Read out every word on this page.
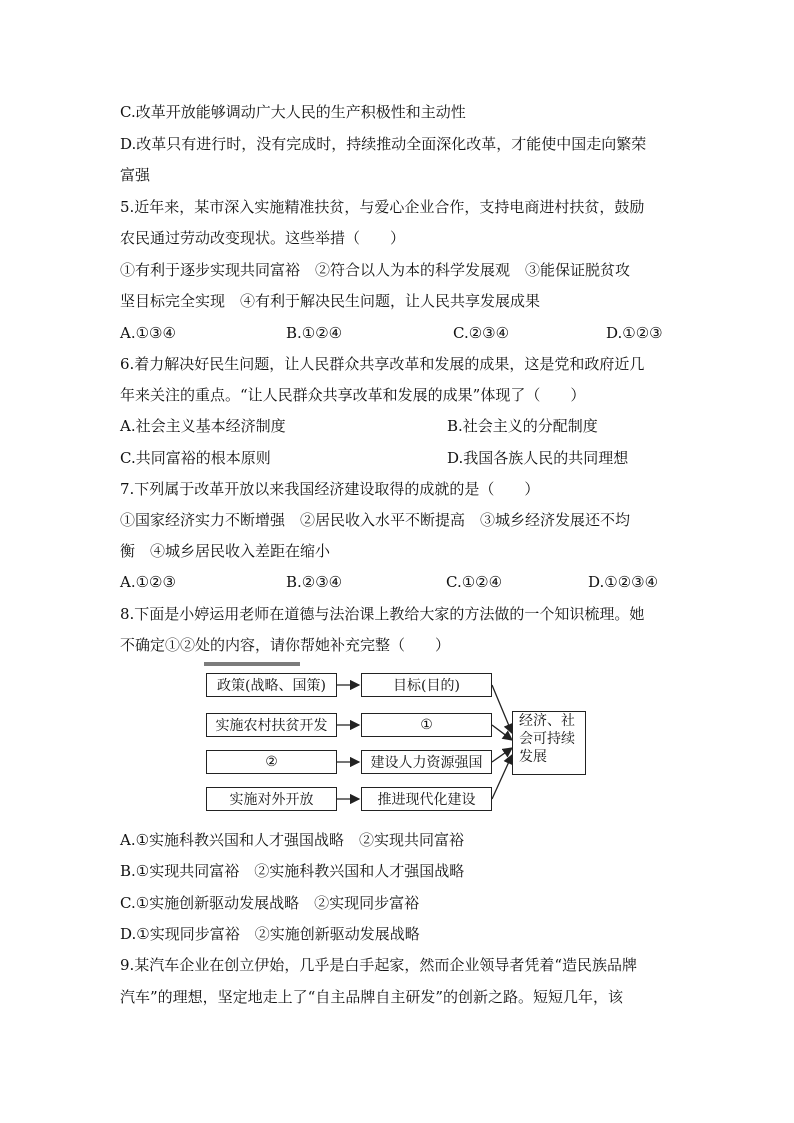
C.改革开放能够调动广大人民的生产积极性和主动性
D.改革只有进行时，没有完成时，持续推动全面深化改革，才能使中国走向繁荣
富强
5.近年来，某市深入实施精准扶贫，与爱心企业合作，支持电商进村扶贫，鼓励
农民通过劳动改变现状。这些举措（　　）
①有利于逐步实现共同富裕　②符合以人为本的科学发展观　③能保证脱贫攻
坚目标完全实现　④有利于解决民生问题，让人民共享发展成果
A.①③④	B.①②④	C.②③④	D.①②③
6.着力解决好民生问题，让人民群众共享改革和发展的成果，这是党和政府近几
年来关注的重点。“让人民群众共享改革和发展的成果”体现了（　　）
A.社会主义基本经济制度	B.社会主义的分配制度
C.共同富裕的根本原则	D.我国各族人民的共同理想
7.下列属于改革开放以来我国经济建设取得的成就的是（　　）
①国家经济实力不断增强　②居民收入水平不断提高　③城乡经济发展还不均
衡　④城乡居民收入差距在缩小
A.①②③	B.②③④	C.①②④	D.①②③④
8.下面是小婷运用老师在道德与法治课上教给大家的方法做的一个知识梳理。她
不确定①②处的内容，请你帮她补充完整（　　）
政策(战略、国策)
实施农村扶贫开发
②
实施对外开放
目标(目的)
①
建设人力资源强国
推进现代化建设
经济、社
会可持续
发展
A.①实施科教兴国和人才强国战略　②实现共同富裕
B.①实现共同富裕　②实施科教兴国和人才强国战略
C.①实施创新驱动发展战略　②实现同步富裕
D.①实现同步富裕　②实施创新驱动发展战略
9.某汽车企业在创立伊始，几乎是白手起家，然而企业领导者凭着“造民族品牌
汽车”的理想，坚定地走上了“自主品牌自主研发”的创新之路。短短几年，该
